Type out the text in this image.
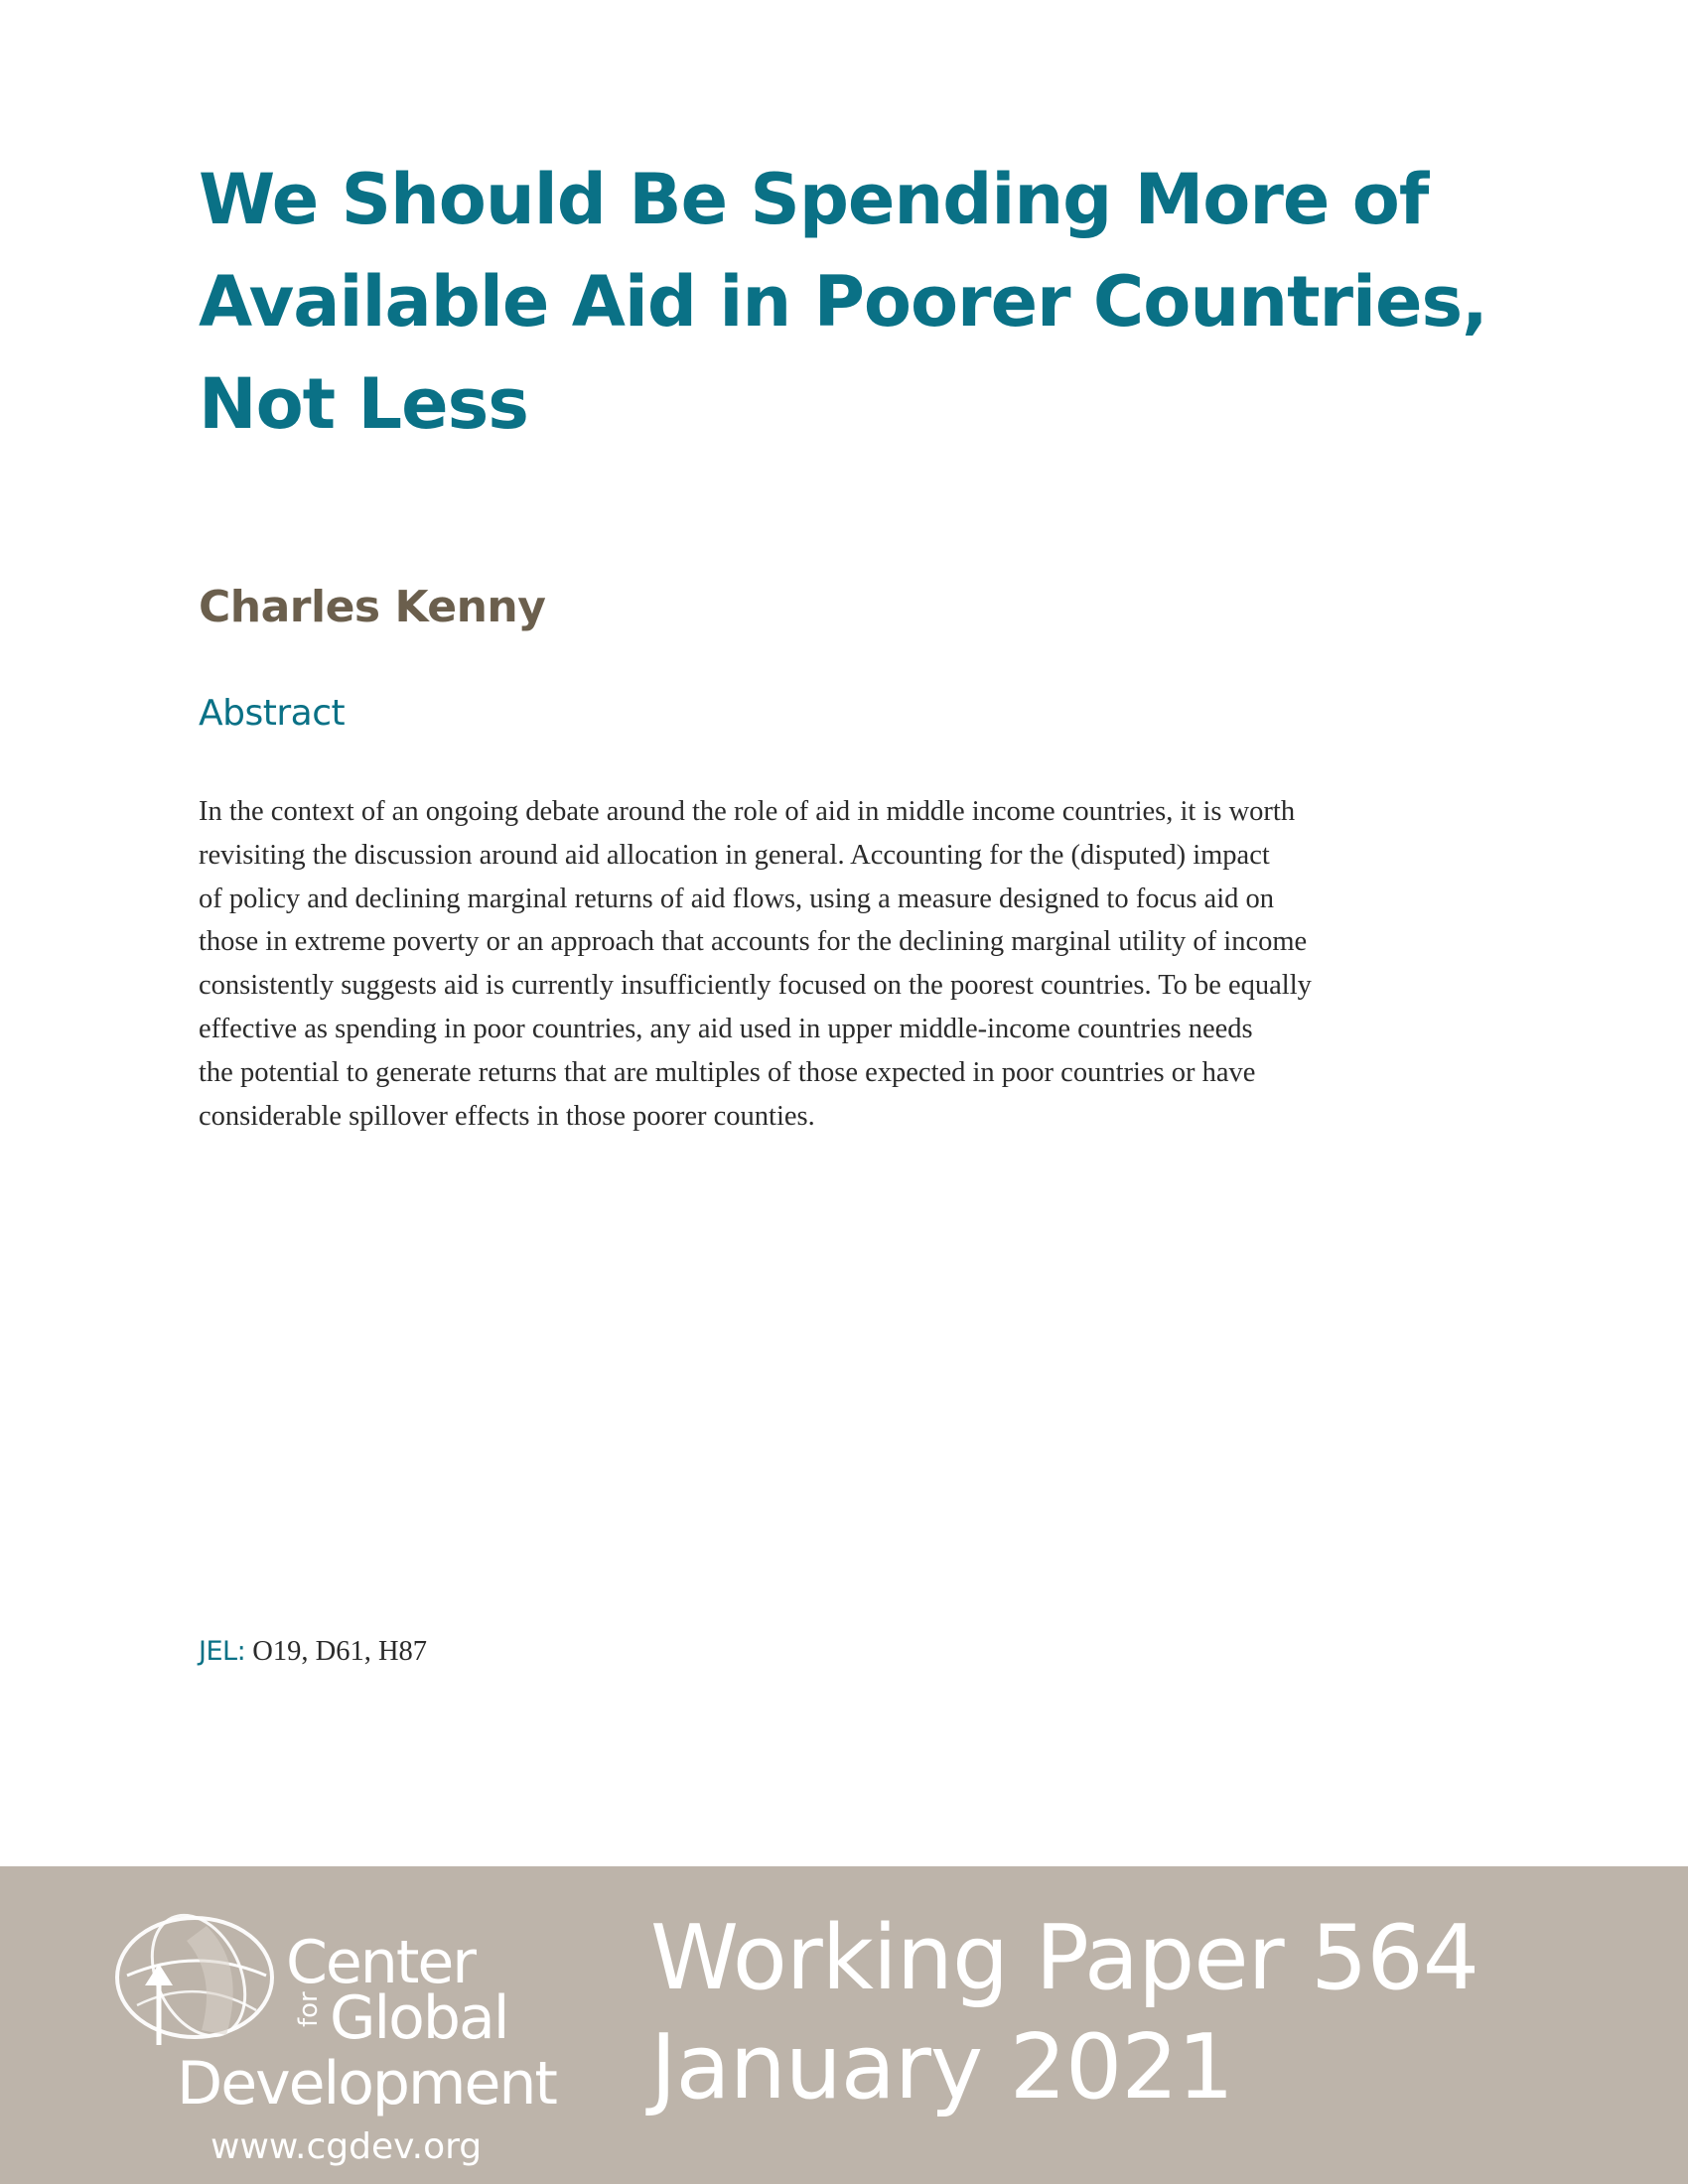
We Should Be Spending More of
Available Aid in Poorer Countries,
Not Less
Charles Kenny
Abstract
In the context of an ongoing debate around the role of aid in middle income countries, it is worth
revisiting the discussion around aid allocation in general. Accounting for the (disputed) impact
of policy and declining marginal returns of aid flows, using a measure designed to focus aid on
those in extreme poverty or an approach that accounts for the declining marginal utility of income
consistently suggests aid is currently insufficiently focused on the poorest countries. To be equally
effective as spending in poor countries, any aid used in upper middle-income countries needs
the potential to generate returns that are multiples of those expected in poor countries or have
considerable spillover effects in those poorer counties.
JEL: O19, D61, H87
Center
for Global
Development
www.cgdev.org
Working Paper 564
January 2021
